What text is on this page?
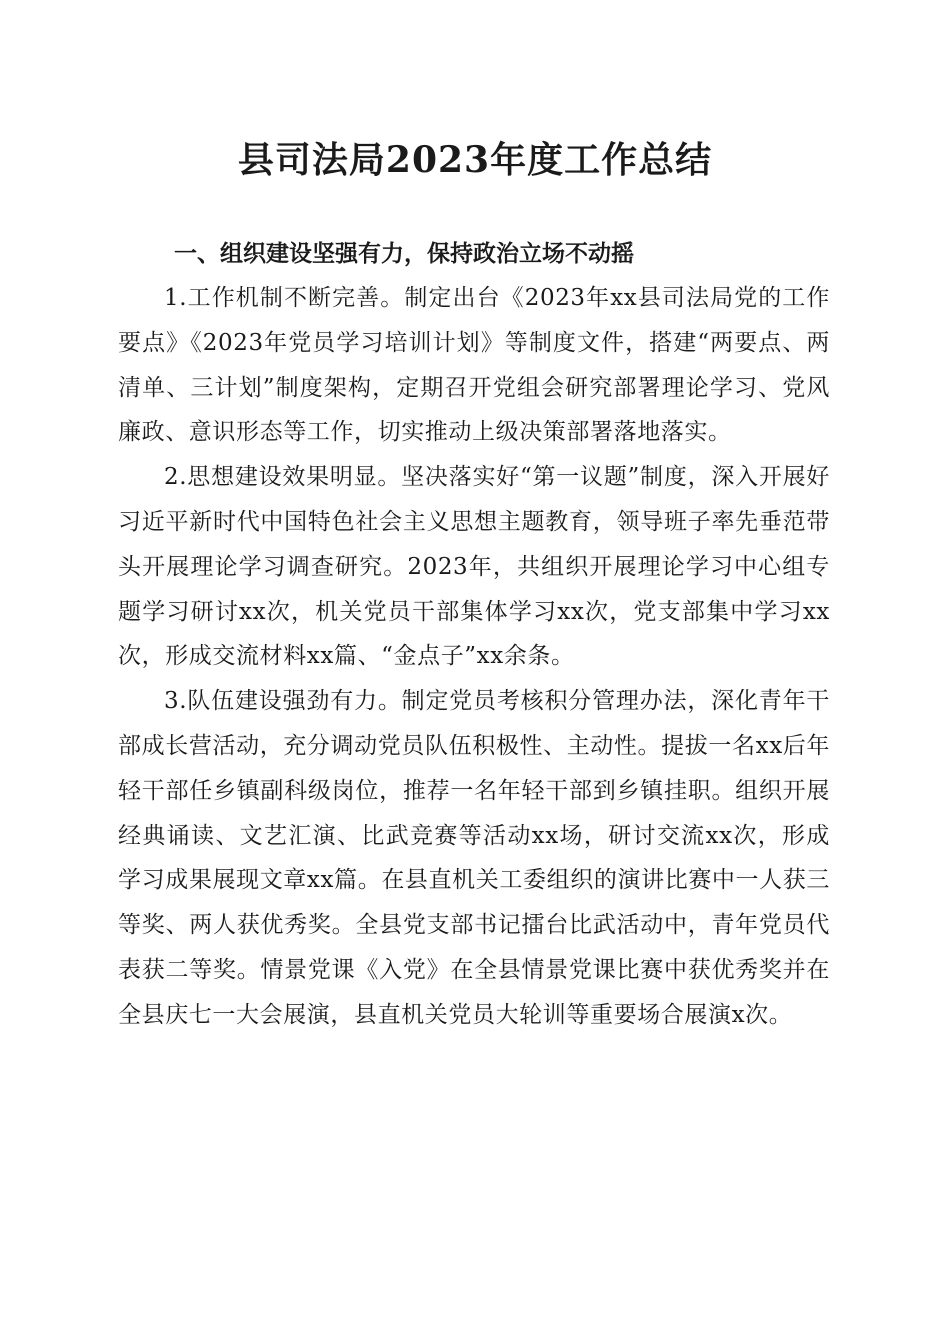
县司法局2023年度工作总结
一、组织建设坚强有力，保持政治立场不动摇

1.工作机制不断完善。制定出台《2023年xx县司法局党的工作要点》《2023年党员学习培训计划》等制度文件，搭建“两要点、两清单、三计划”制度架构，定期召开党组会研究部署理论学习、党风廉政、意识形态等工作，切实推动上级决策部署落地落实。

2.思想建设效果明显。坚决落实好“第一议题”制度，深入开展好习近平新时代中国特色社会主义思想主题教育，领导班子率先垂范带头开展理论学习调查研究。2023年，共组织开展理论学习中心组专题学习研讨xx次，机关党员干部集体学习xx次，党支部集中学习xx次，形成交流材料xx篇、“金点子”xx余条。

3.队伍建设强劲有力。制定党员考核积分管理办法，深化青年干部成长营活动，充分调动党员队伍积极性、主动性。提拔一名xx后年轻干部任乡镇副科级岗位，推荐一名年轻干部到乡镇挂职。组织开展经典诵读、文艺汇演、比武竞赛等活动xx场，研讨交流xx次，形成学习成果展现文章xx篇。在县直机关工委组织的演讲比赛中一人获三等奖、两人获优秀奖。全县党支部书记擂台比武活动中，青年党员代表获二等奖。情景党课《入党》在全县情景党课比赛中获优秀奖并在全县庆七一大会展演，县直机关党员大轮训等重要场合展演x次。
